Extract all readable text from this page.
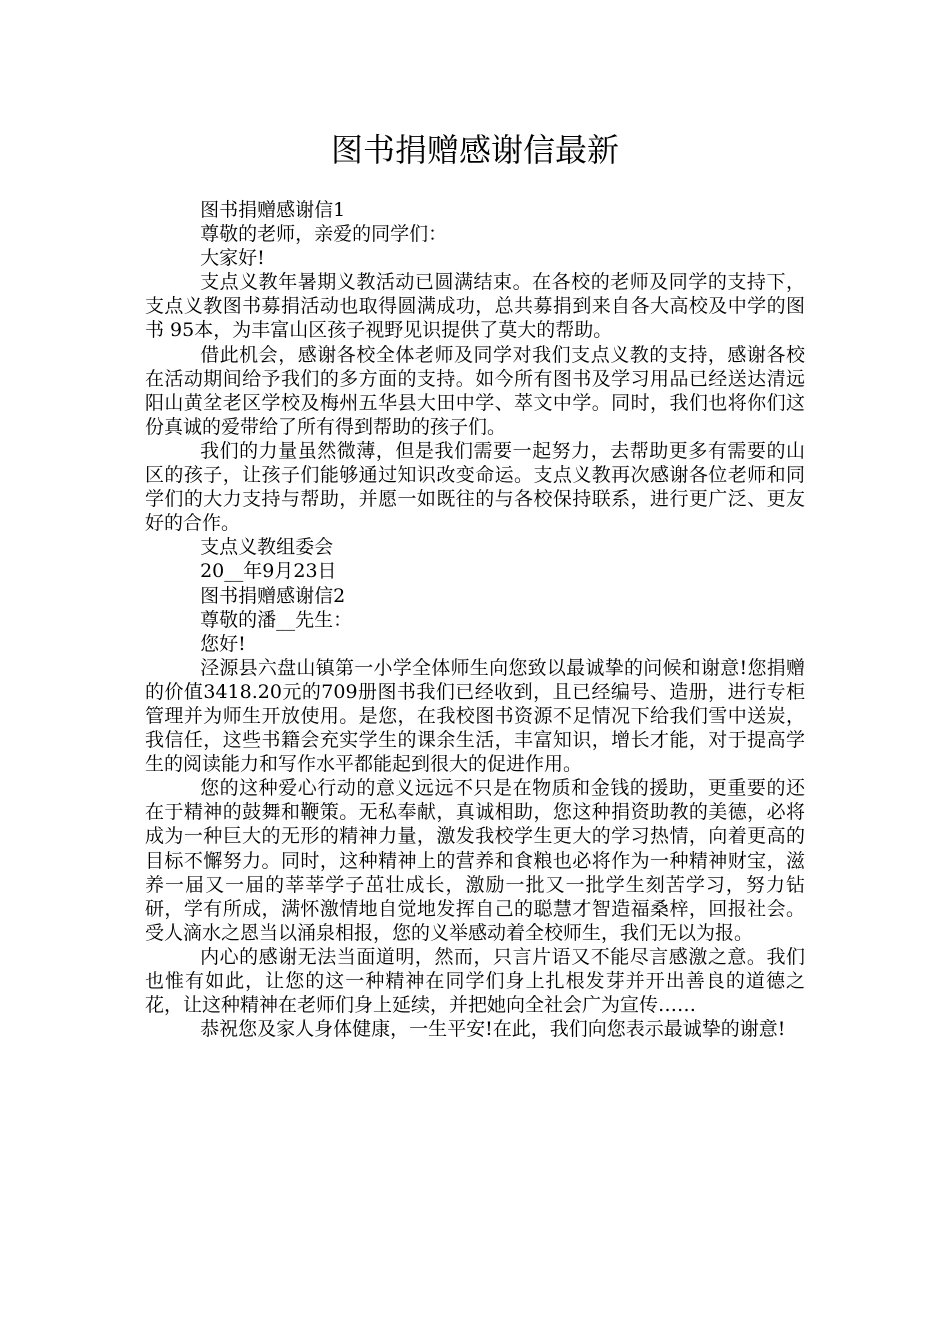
图书捐赠感谢信最新

图书捐赠感谢信1

尊敬的老师，亲爱的同学们：

大家好!

支点义教年暑期义教活动已圆满结束。在各校的老师及同学的支持下，支点义教图书募捐活动也取得圆满成功，总共募捐到来自各大高校及中学的图书 95本，为丰富山区孩子视野见识提供了莫大的帮助。

借此机会，感谢各校全体老师及同学对我们支点义教的支持，感谢各校在活动期间给予我们的多方面的支持。如今所有图书及学习用品已经送达清远阳山黄坌老区学校及梅州五华县大田中学、萃文中学。同时，我们也将你们这份真诚的爱带给了所有得到帮助的孩子们。

我们的力量虽然微薄，但是我们需要一起努力，去帮助更多有需要的山区的孩子，让孩子们能够通过知识改变命运。支点义教再次感谢各位老师和同学们的大力支持与帮助，并愿一如既往的与各校保持联系，进行更广泛、更友好的合作。

支点义教组委会

20__年9月23日

图书捐赠感谢信2

尊敬的潘__先生：

您好!

泾源县六盘山镇第一小学全体师生向您致以最诚挚的问候和谢意!您捐赠的价值3418.20元的709册图书我们已经收到，且已经编号、造册，进行专柜管理并为师生开放使用。是您，在我校图书资源不足情况下给我们雪中送炭，我信任，这些书籍会充实学生的课余生活，丰富知识，增长才能，对于提高学生的阅读能力和写作水平都能起到很大的促进作用。

您的这种爱心行动的意义远远不只是在物质和金钱的援助，更重要的还在于精神的鼓舞和鞭策。无私奉献，真诚相助，您这种捐资助教的美德，必将成为一种巨大的无形的精神力量，激发我校学生更大的学习热情，向着更高的目标不懈努力。同时，这种精神上的营养和食粮也必将作为一种精神财宝，滋养一届又一届的莘莘学子茁壮成长，激励一批又一批学生刻苦学习，努力钻研，学有所成，满怀激情地自觉地发挥自己的聪慧才智造福桑梓，回报社会。受人滴水之恩当以涌泉相报，您的义举感动着全校师生，我们无以为报。

内心的感谢无法当面道明，然而，只言片语又不能尽言感激之意。我们也惟有如此，让您的这一种精神在同学们身上扎根发芽并开出善良的道德之花，让这种精神在老师们身上延续，并把她向全社会广为宣传……

恭祝您及家人身体健康，一生平安!在此，我们向您表示最诚挚的谢意!
